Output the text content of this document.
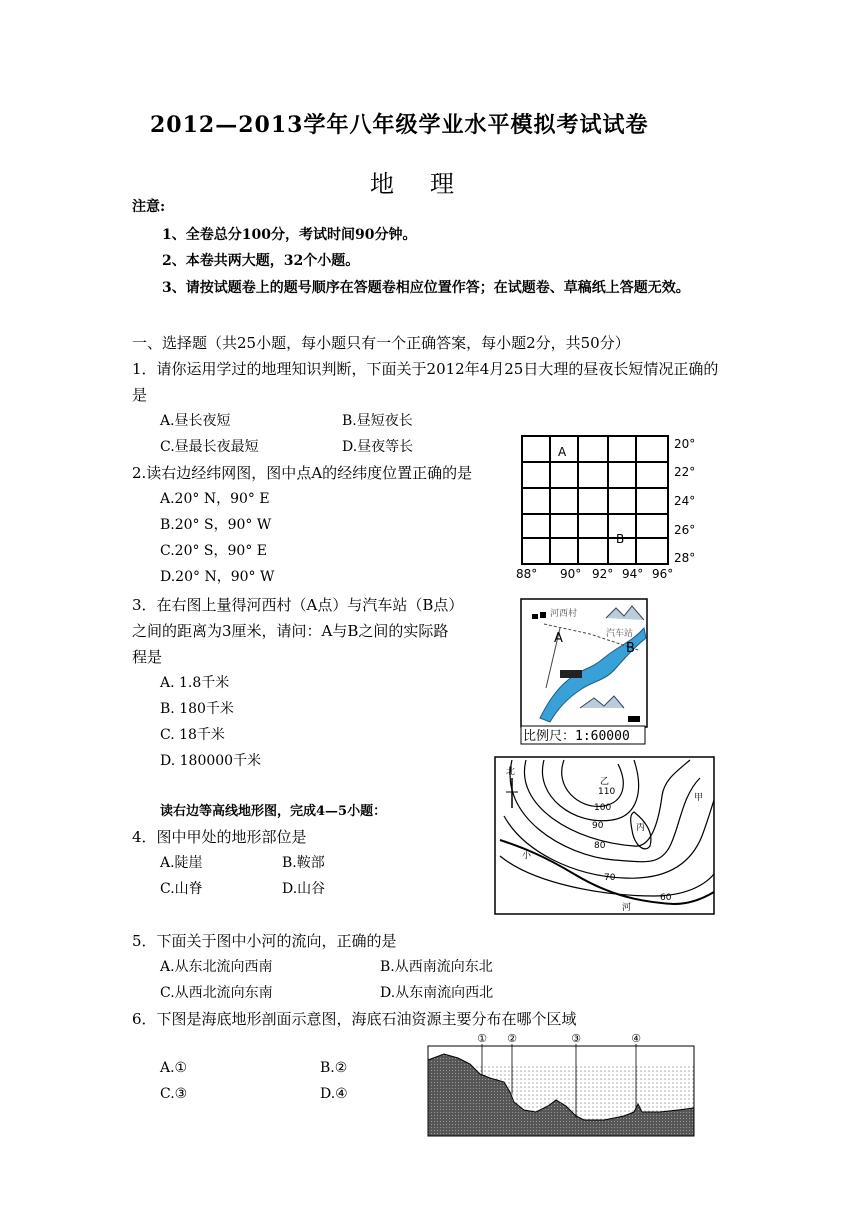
2012—2013学年八年级学业水平模拟考试试卷
地 理
注意:
1、全卷总分100分，考试时间90分钟。
2、本卷共两大题，32个小题。
3、请按试题卷上的题号顺序在答题卷相应位置作答；在试题卷、草稿纸上答题无效。
一、选择题（共25小题，每小题只有一个正确答案，每小题2分，共50分）
1．请你运用学过的地理知识判断，下面关于2012年4月25日大理的昼夜长短情况正确的
是
A.昼长夜短	B.昼短夜长
C.昼最长夜最短	D.昼夜等长
2.读右边经纬网图，图中点A的经纬度位置正确的是
A.20° N，90° E
B.20° S，90° W
C.20° S，90° E
D.20° N，90° W
20°
22°
24°
26°
28°
88° 90° 92° 94° 96°
A
B
3．在右图上量得河西村（A点）与汽车站（B点）
之间的距离为3厘米，请问：A与B之间的实际路
程是
A. 1.8千米
B. 180千米
C. 18千米
D. 180000千米
河西村
汽车站
A
B
比例尺：1:60000
读右边等高线地形图，完成4—5小题：
4．图中甲处的地形部位是
A.陡崖	B.鞍部
C.山脊	D.山谷
北
乙
甲
丙
110
100
90
80
70
60
小
河
5．下面关于图中小河的流向，正确的是
A.从东北流向西南	B.从西南流向东北
C.从西北流向东南	D.从东南流向西北
6．下图是海底地形剖面示意图，海底石油资源主要分布在哪个区域
A.①	B.②
C.③	D.④
① ②	③	④
